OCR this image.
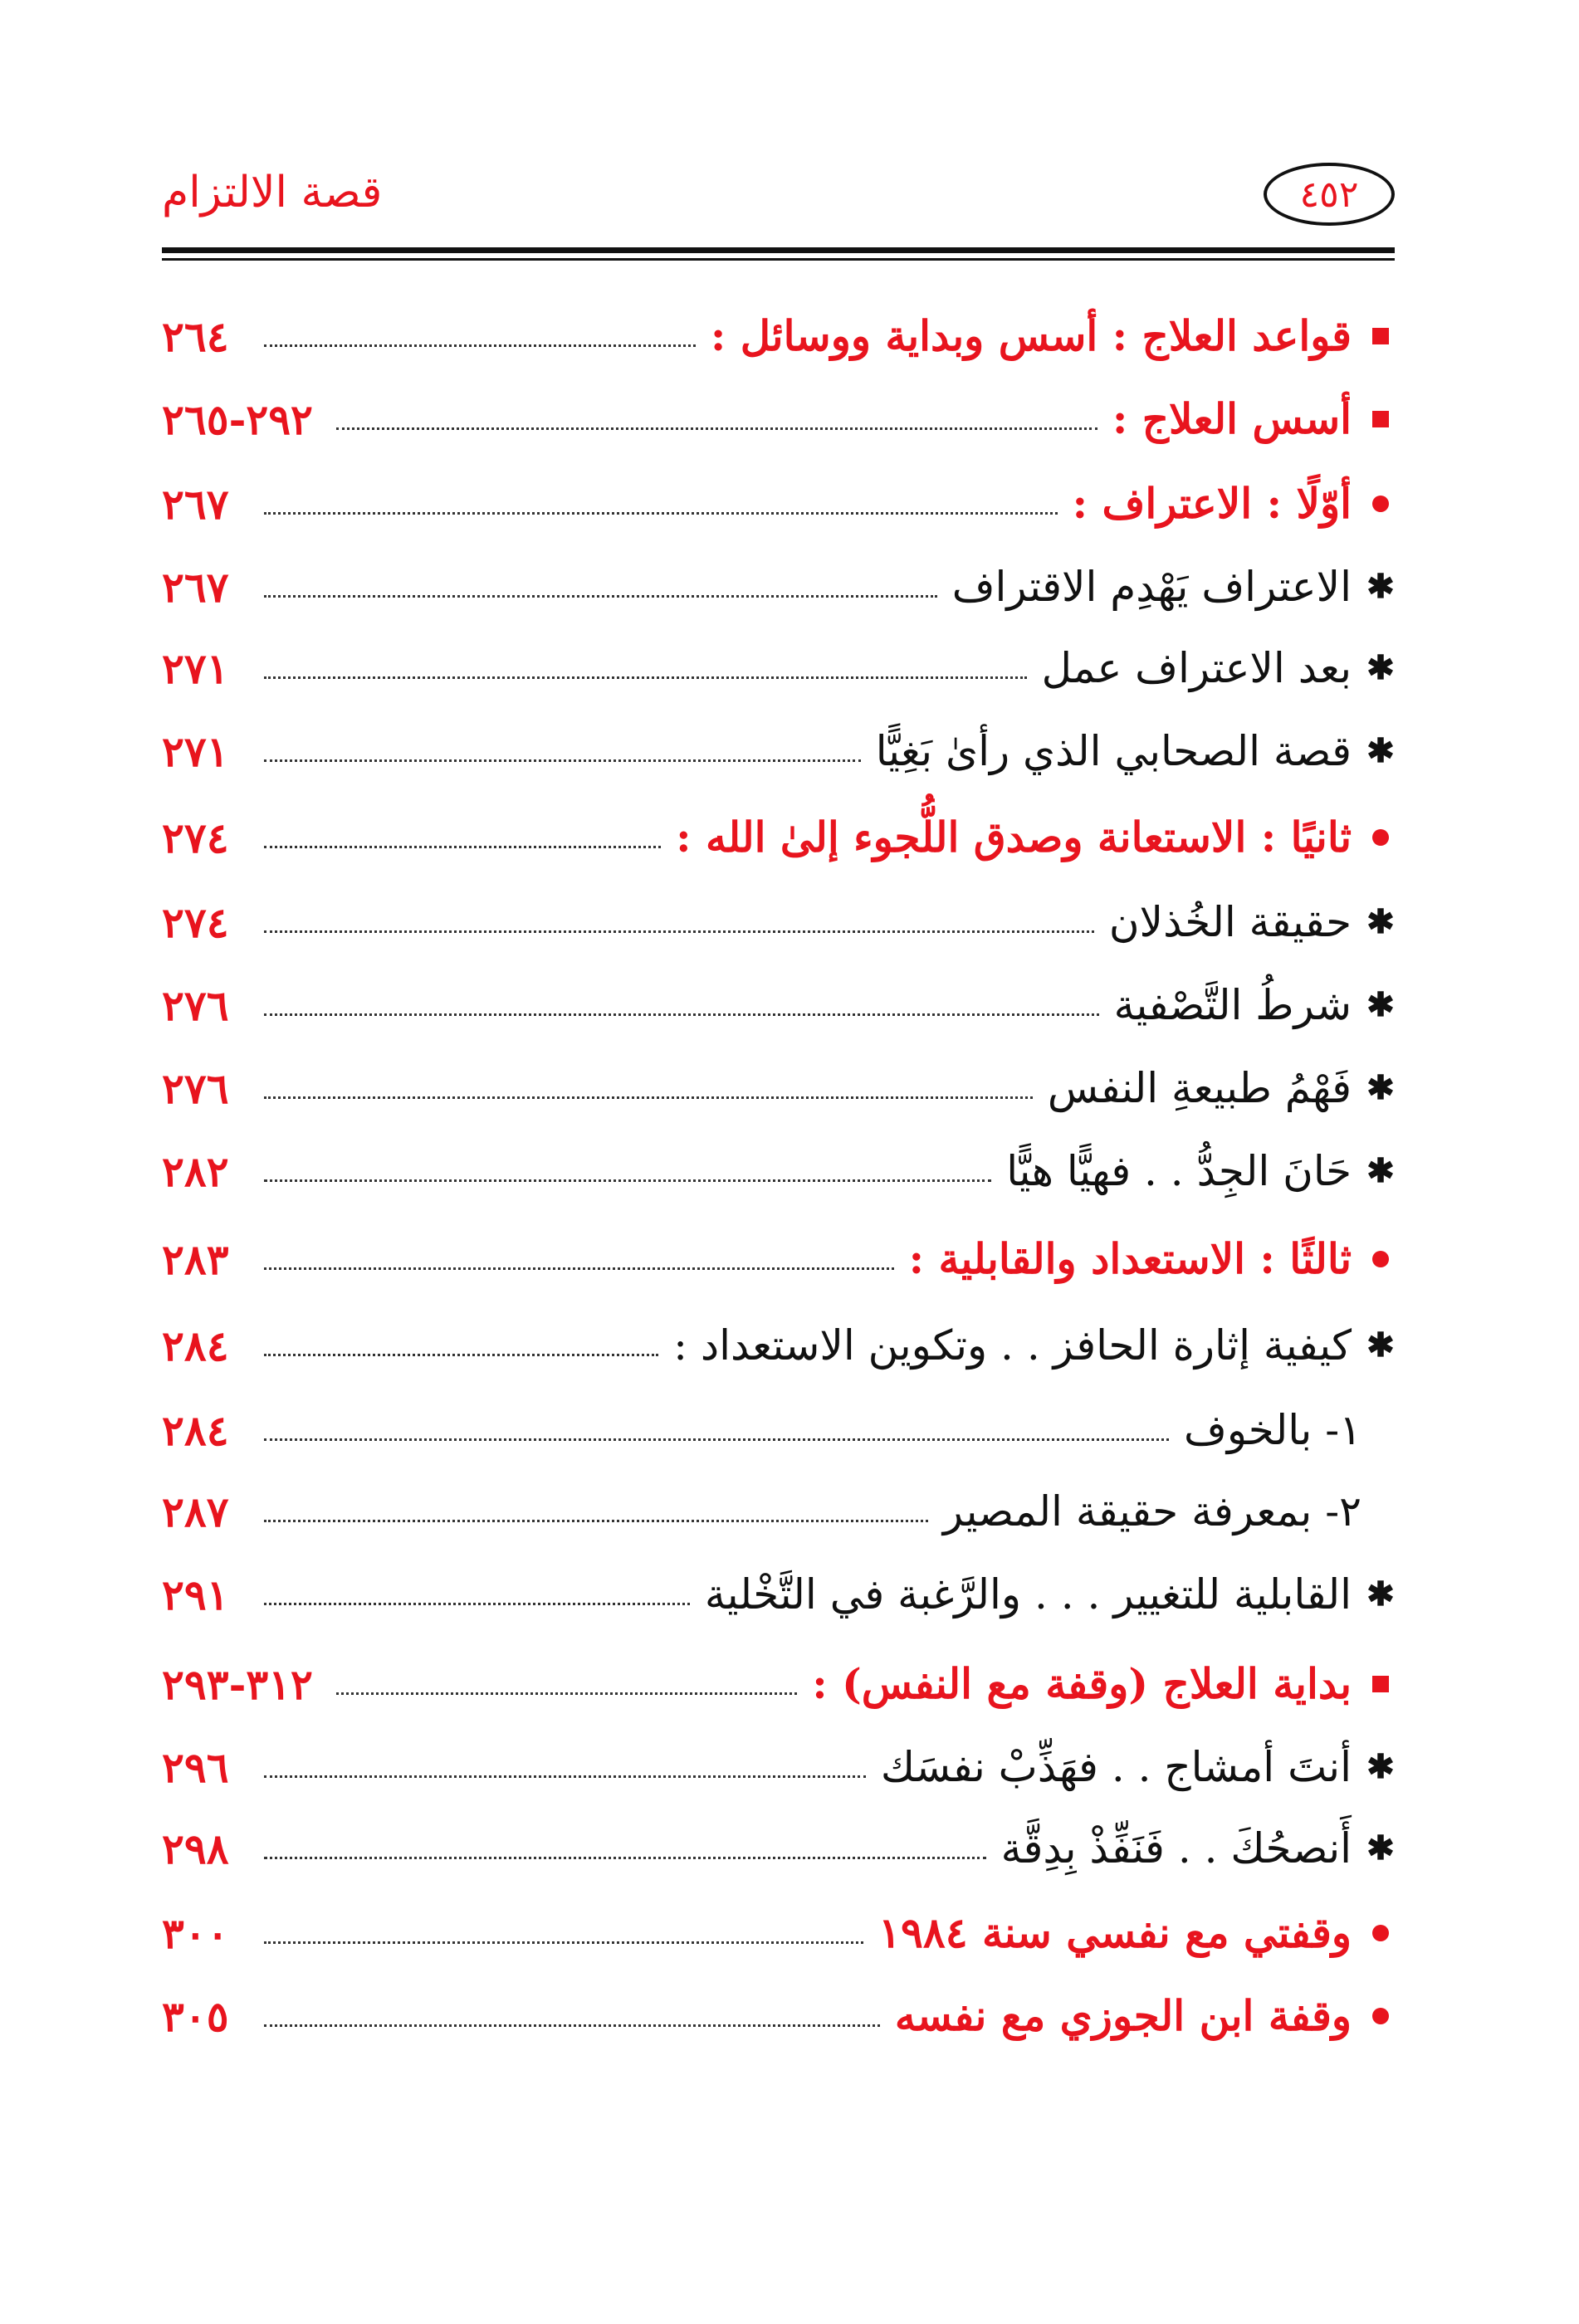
قصة الالتزام	٤٥٢
قواعد العلاج : أسس وبداية ووسائل :
٢٦٤
أسس العلاج :
٢٩٢-٢٦٥
أوّلًا : الاعتراف :
٢٦٧
✱
الاعتراف يَهْدِم الاقتراف
٢٦٧
✱
بعد الاعتراف عمل
٢٧١
✱
قصة الصحابي الذي رأىٰ بَغِيًّا
٢٧١
ثانيًا : الاستعانة وصدق اللُّجوء إلىٰ الله :
٢٧٤
✱
حقيقة الخُذلان
٢٧٤
✱
شرطُ التَّصْفية
٢٧٦
✱
فَهْمُ طبيعةِ النفس
٢٧٦
✱
حَانَ الجِدُّ . . فهيًّا هيًّا
٢٨٢
ثالثًا : الاستعداد والقابلية :
٢٨٣
✱
كيفية إثارة الحافز . . وتكوين الاستعداد :
٢٨٤
١- بالخوف
٢٨٤
٢- بمعرفة حقيقة المصير
٢٨٧
✱
القابلية للتغيير . . . والرَّغبة في التَّخْلية
٢٩١
بداية العلاج (وقفة مع النفس) :
٣١٢-٢٩٣
✱
أنتَ أمشاج . . فهَذِّبْ نفسَك
٢٩٦
✱
أَنصحُكَ . . فَنَفِّذْ بِدِقَّة
٢٩٨
وقفتي مع نفسي سنة ١٩٨٤
٣٠٠
وقفة ابن الجوزي مع نفسه
٣٠٥
